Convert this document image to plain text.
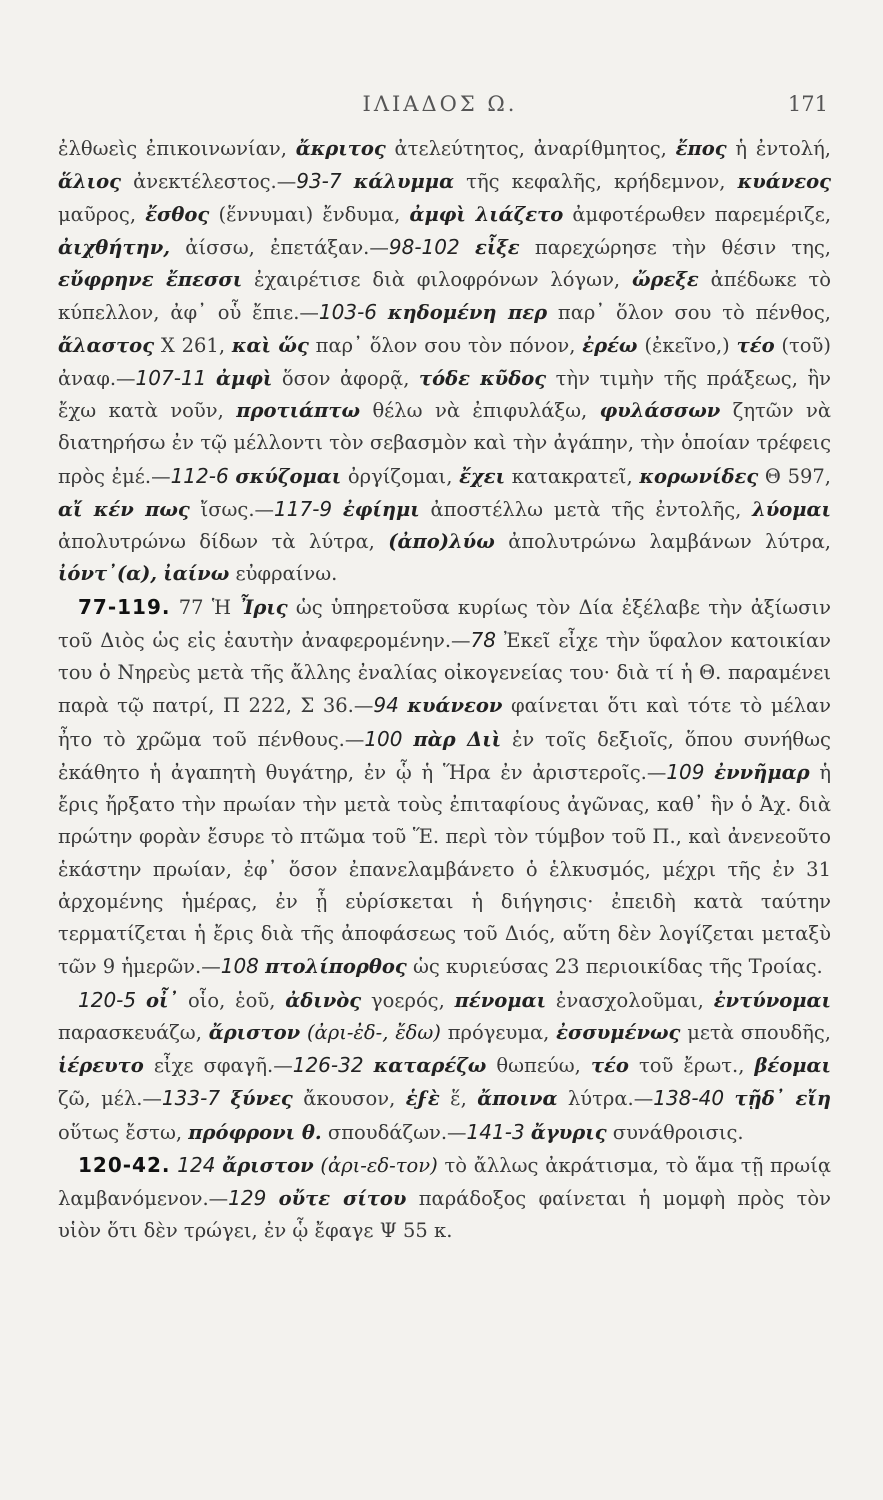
ΙΛΙΑΔΟΣ Ω.	171

ἐλθωεὶς ἐπικοινωνίαν, ἄκριτος ἀτελεύτητος, ἀναρίθμητος, ἔπος ἡ ἐντολή, ἅλιος ἀνεκτέλεστος.—93-7 κάλυμμα τῆς κεφαλῆς, κρήδεμνον, κυάνεος μαῦρος, ἔσθος (ἕννυμαι) ἔνδυμα, ἀμφὶ λιάζετο ἀμφοτέρωθεν παρεμέριζε, ἀιχθήτην, ἀίσσω, ἐπετάξαν.—98-102 εἶξε παρεχώρησε τὴν θέσιν της, εὔφρηνε ἔπεσσι ἐχαιρέτισε διὰ φιλοφρόνων λόγων, ὤρεξε ἀπέδωκε τὸ κύπελλον, ἀφ᾽ οὗ ἔπιε.—103-6 κηδομένη περ παρ᾽ ὅλον σου τὸ πένθος, ἄλαστος Χ 261, καὶ ὥς παρ᾽ ὅλον σου τὸν πόνον, ἐρέω (ἐκεῖνο,) τέο (τοῦ) ἀναφ.—107-11 ἀμφὶ ὅσον ἀφορᾷ, τόδε κῦδος τὴν τιμὴν τῆς πράξεως, ἣν ἔχω κατὰ νοῦν, προτιάπτω θέλω νὰ ἐπιφυλάξω, φυλάσσων ζητῶν νὰ διατηρήσω ἐν τῷ μέλλοντι τὸν σεβασμὸν καὶ τὴν ἀγάπην, τὴν ὁποίαν τρέφεις πρὸς ἐμέ.—112-6 σκύζομαι ὀργίζομαι, ἔχει κατακρατεῖ, κορωνίδες Θ 597, αἴ κέν πως ἴσως.—117-9 ἐφίημι ἀποστέλλω μετὰ τῆς ἐντολῆς, λύομαι ἀπολυτρώνω δίδων τὰ λύτρα, (ἀπο)λύω ἀπολυτρώνω λαμβάνων λύτρα, ἰόντ᾽(α), ἰαίνω εὐφραίνω.

77-119. 77 Ἡ Ἶρις ὡς ὑπηρετοῦσα κυρίως τὸν Δία ἐξέλαβε τὴν ἀξίωσιν τοῦ Διὸς ὡς εἰς ἑαυτὴν ἀναφερομένην.—78 Ἐκεῖ εἶχε τὴν ὕφαλον κατοικίαν του ὁ Νηρεὺς μετὰ τῆς ἄλλης ἐναλίας οἰκογενείας του· διὰ τί ἡ Θ. παραμένει παρὰ τῷ πατρί, Π 222, Σ 36.—94 κυάνεον φαίνεται ὅτι καὶ τότε τὸ μέλαν ἦτο τὸ χρῶμα τοῦ πένθους.—100 πὰρ Διὶ ἐν τοῖς δεξιοῖς, ὅπου συνήθως ἐκάθητο ἡ ἀγαπητὴ θυγάτηρ, ἐν ᾧ ἡ Ἥρα ἐν ἀριστεροῖς.—109 ἐννῆμαρ ἡ ἔρις ἤρξατο τὴν πρωίαν τὴν μετὰ τοὺς ἐπιταφίους ἀγῶνας, καθ᾽ ἣν ὁ Ἀχ. διὰ πρώτην φορὰν ἔσυρε τὸ πτῶμα τοῦ Ἕ. περὶ τὸν τύμβον τοῦ Π., καὶ ἀνενεοῦτο ἑκάστην πρωίαν, ἐφ᾽ ὅσον ἐπανελαμβάνετο ὁ ἑλκυσμός, μέχρι τῆς ἐν 31 ἀρχομένης ἡμέρας, ἐν ᾗ εὑρίσκεται ἡ διήγησις· ἐπειδὴ κατὰ ταύτην τερματίζεται ἡ ἔρις διὰ τῆς ἀποφάσεως τοῦ Διός, αὕτη δὲν λογίζεται μεταξὺ τῶν 9 ἡμερῶν.—108 πτολίπορθος ὡς κυριεύσας 23 περιοικίδας τῆς Τροίας.

120-5 οἶ᾽ οἷο, ἑοῦ, ἀδινὸς γοερός, πένομαι ἐνασχολοῦμαι, ἐντύνομαι παρασκευάζω, ἄριστον (ἀρι-ἐδ-, ἔδω) πρόγευμα, ἐσσυμένως μετὰ σπουδῆς, ἱέρευτο εἶχε σφαγῆ.—126-32 καταρέζω θωπεύω, τέο τοῦ ἔρωτ., βέομαι ζῶ, μέλ.—133-7 ξύνες ἄκουσον, ἑϝὲ ἕ, ἄποινα λύτρα.—138-40 τῇδ᾽ εἴη οὕτως ἔστω, πρόφρονι θ. σπουδάζων.—141-3 ἄγυρις συνάθροισις.

120-42. 124 ἄριστον (ἀρι-εδ-τον) τὸ ἄλλως ἀκράτισμα, τὸ ἅμα τῇ πρωίᾳ λαμβανόμενον.—129 οὔτε σίτου παράδοξος φαίνεται ἡ μομφὴ πρὸς τὸν υἱὸν ὅτι δὲν τρώγει, ἐν ᾧ ἔφαγε Ψ 55 κ.
